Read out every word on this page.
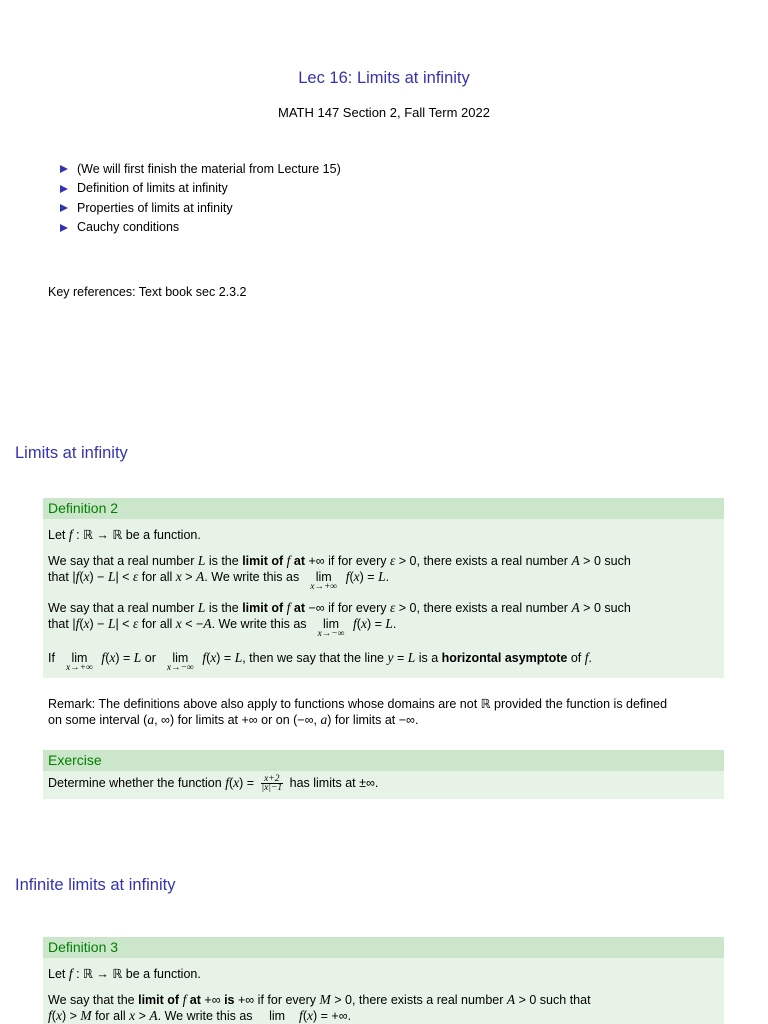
Lec 16: Limits at infinity
MATH 147 Section 2, Fall Term 2022
(We will first finish the material from Lecture 15)
Definition of limits at infinity
Properties of limits at infinity
Cauchy conditions
Key references: Text book sec 2.3.2
Limits at infinity
Definition 2
Let f : ℝ → ℝ be a function.
We say that a real number L is the limit of f at +∞ if for every ε > 0, there exists a real number A > 0 such
that |f(x) − L| < ε for all x > A. We write this as	lim
x→+∞
f(x) = L.
We say that a real number L is the limit of f at −∞ if for every ε > 0, there exists a real number A > 0 such
that |f(x) − L| < ε for all x < −A. We write this as	lim
x→−∞
f(x) = L.
If	lim
x→+∞
f(x) = L or	lim
x→−∞
f(x) = L, then we say that the line y = L is a horizontal asymptote of f.
Remark: The definitions above also apply to functions whose domains are not ℝ provided the function is defined
on some interval (a, ∞) for limits at +∞ or on (−∞, a) for limits at −∞.
Exercise
Determine whether the function $f(x) = \frac{x+2}{|x|-1}$ has limits at ±∞.
Infinite limits at infinity
Definition 3
Let f : ℝ → ℝ be a function.
We say that the limit of f at +∞ is +∞ if for every M > 0, there exists a real number A > 0 such that
f(x) > M for all x > A. We write this as	lim	f(x) = +∞.
